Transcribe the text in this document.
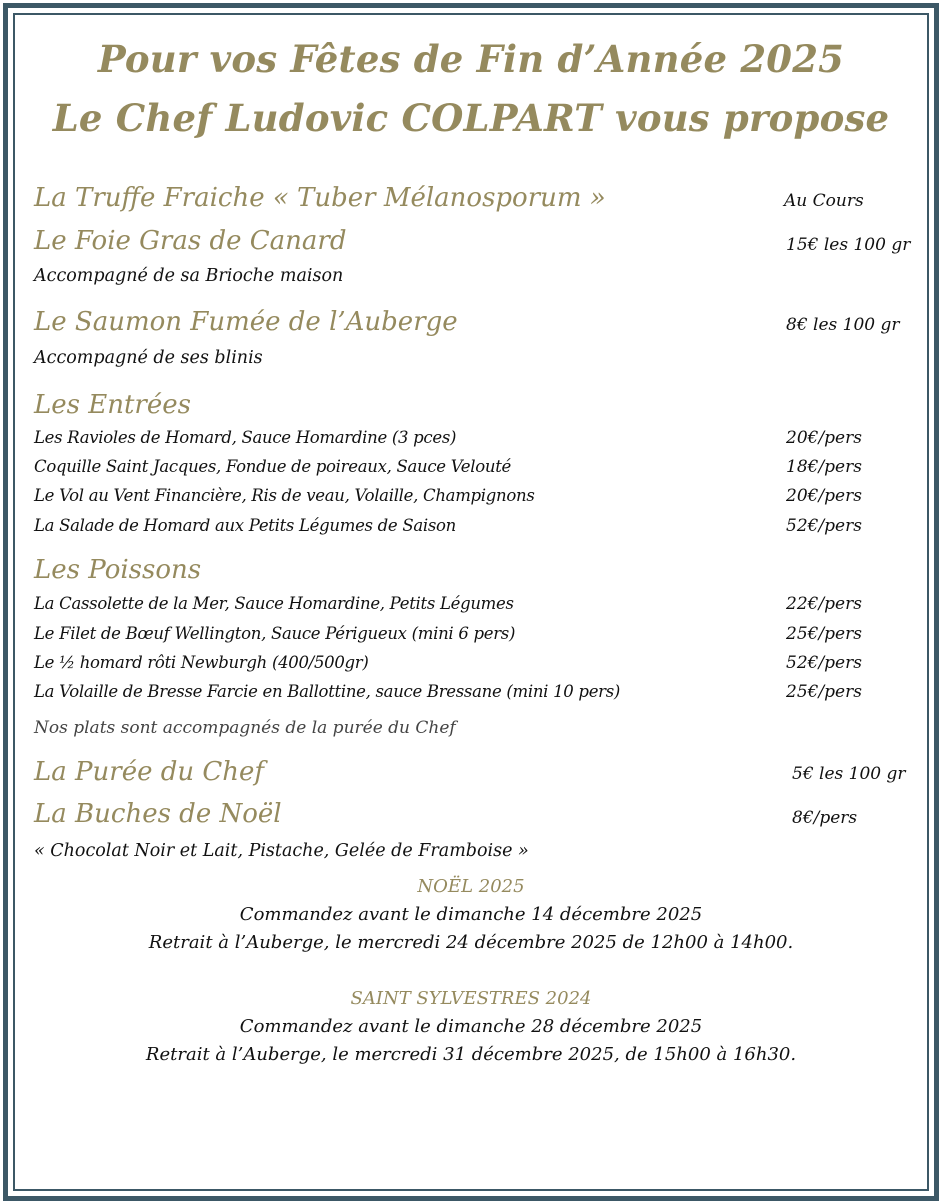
Pour vos Fêtes de Fin d’Année 2025
Le Chef Ludovic COLPART vous propose
La Truffe Fraiche « Tuber Mélanosporum »	Au Cours
Le Foie Gras de Canard	15€ les 100 gr
Accompagné de sa Brioche maison
Le Saumon Fumée de l’Auberge	8€ les 100 gr
Accompagné de ses blinis
Les Entrées
Les Ravioles de Homard, Sauce Homardine (3 pces)	20€/pers
Coquille Saint Jacques, Fondue de poireaux, Sauce Velouté	18€/pers
Le Vol au Vent Financière, Ris de veau, Volaille, Champignons	20€/pers
La Salade de Homard aux Petits Légumes de Saison	52€/pers
Les Poissons
La Cassolette de la Mer, Sauce Homardine, Petits Légumes	22€/pers
Le Filet de Bœuf Wellington, Sauce Périgueux (mini 6 pers)	25€/pers
Le ½ homard rôti Newburgh (400/500gr)	52€/pers
La Volaille de Bresse Farcie en Ballottine, sauce Bressane (mini 10 pers)	25€/pers
Nos plats sont accompagnés de la purée du Chef
La Purée du Chef	5€ les 100 gr
La Buches de Noël	8€/pers
« Chocolat Noir et Lait, Pistache, Gelée de Framboise »
NOËL 2025
Commandez avant le dimanche 14 décembre 2025
Retrait à l’Auberge, le mercredi 24 décembre 2025 de 12h00 à 14h00.
SAINT SYLVESTRES 2024
Commandez avant le dimanche 28 décembre 2025
Retrait à l’Auberge, le mercredi 31 décembre 2025, de 15h00 à 16h30.
